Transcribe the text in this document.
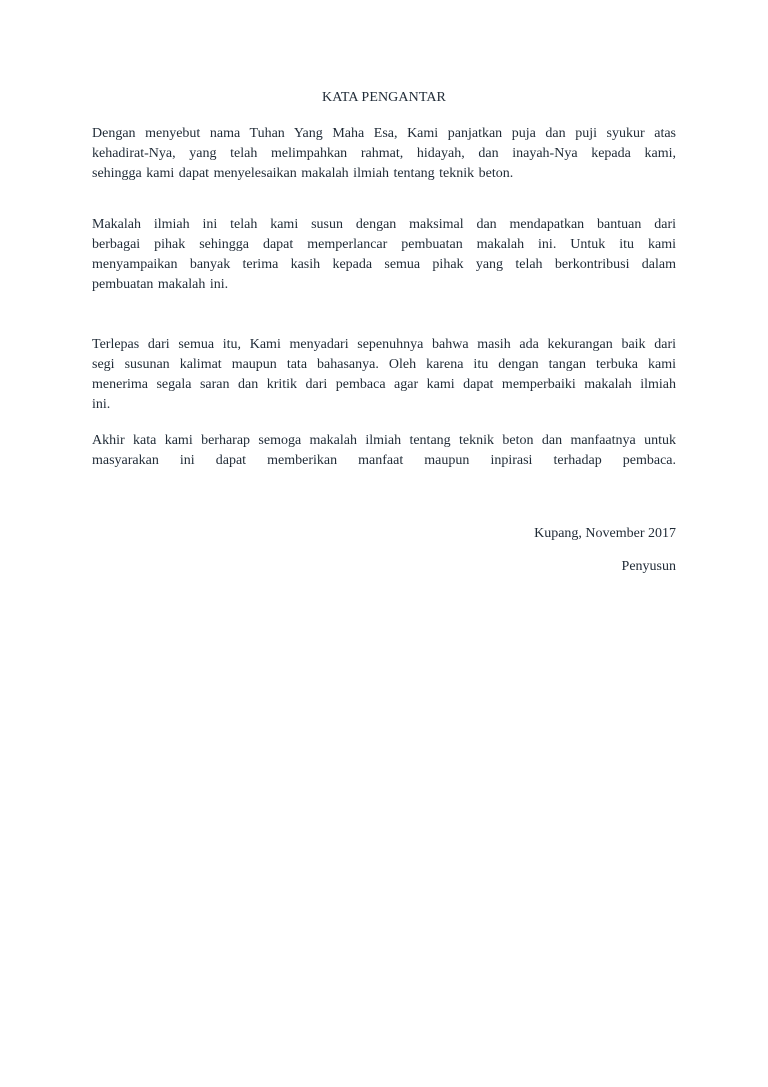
KATA PENGANTAR
Dengan menyebut nama Tuhan Yang Maha Esa, Kami panjatkan puja dan puji syukur atas
kehadirat-Nya, yang telah melimpahkan rahmat, hidayah, dan inayah-Nya kepada kami,
sehingga kami dapat menyelesaikan makalah ilmiah tentang teknik beton.
Makalah ilmiah ini telah kami susun dengan maksimal dan mendapatkan bantuan dari
berbagai pihak sehingga dapat memperlancar pembuatan makalah ini. Untuk itu kami
menyampaikan banyak terima kasih kepada semua pihak yang telah berkontribusi dalam
pembuatan makalah ini.
Terlepas dari semua itu, Kami menyadari sepenuhnya bahwa masih ada kekurangan baik dari
segi susunan kalimat maupun tata bahasanya. Oleh karena itu dengan tangan terbuka kami
menerima segala saran dan kritik dari pembaca agar kami dapat memperbaiki makalah ilmiah
ini.
Akhir kata kami berharap semoga makalah ilmiah tentang teknik beton dan manfaatnya untuk
masyarakan ini dapat memberikan manfaat maupun inpirasi terhadap pembaca.
Kupang, November 2017
Penyusun
